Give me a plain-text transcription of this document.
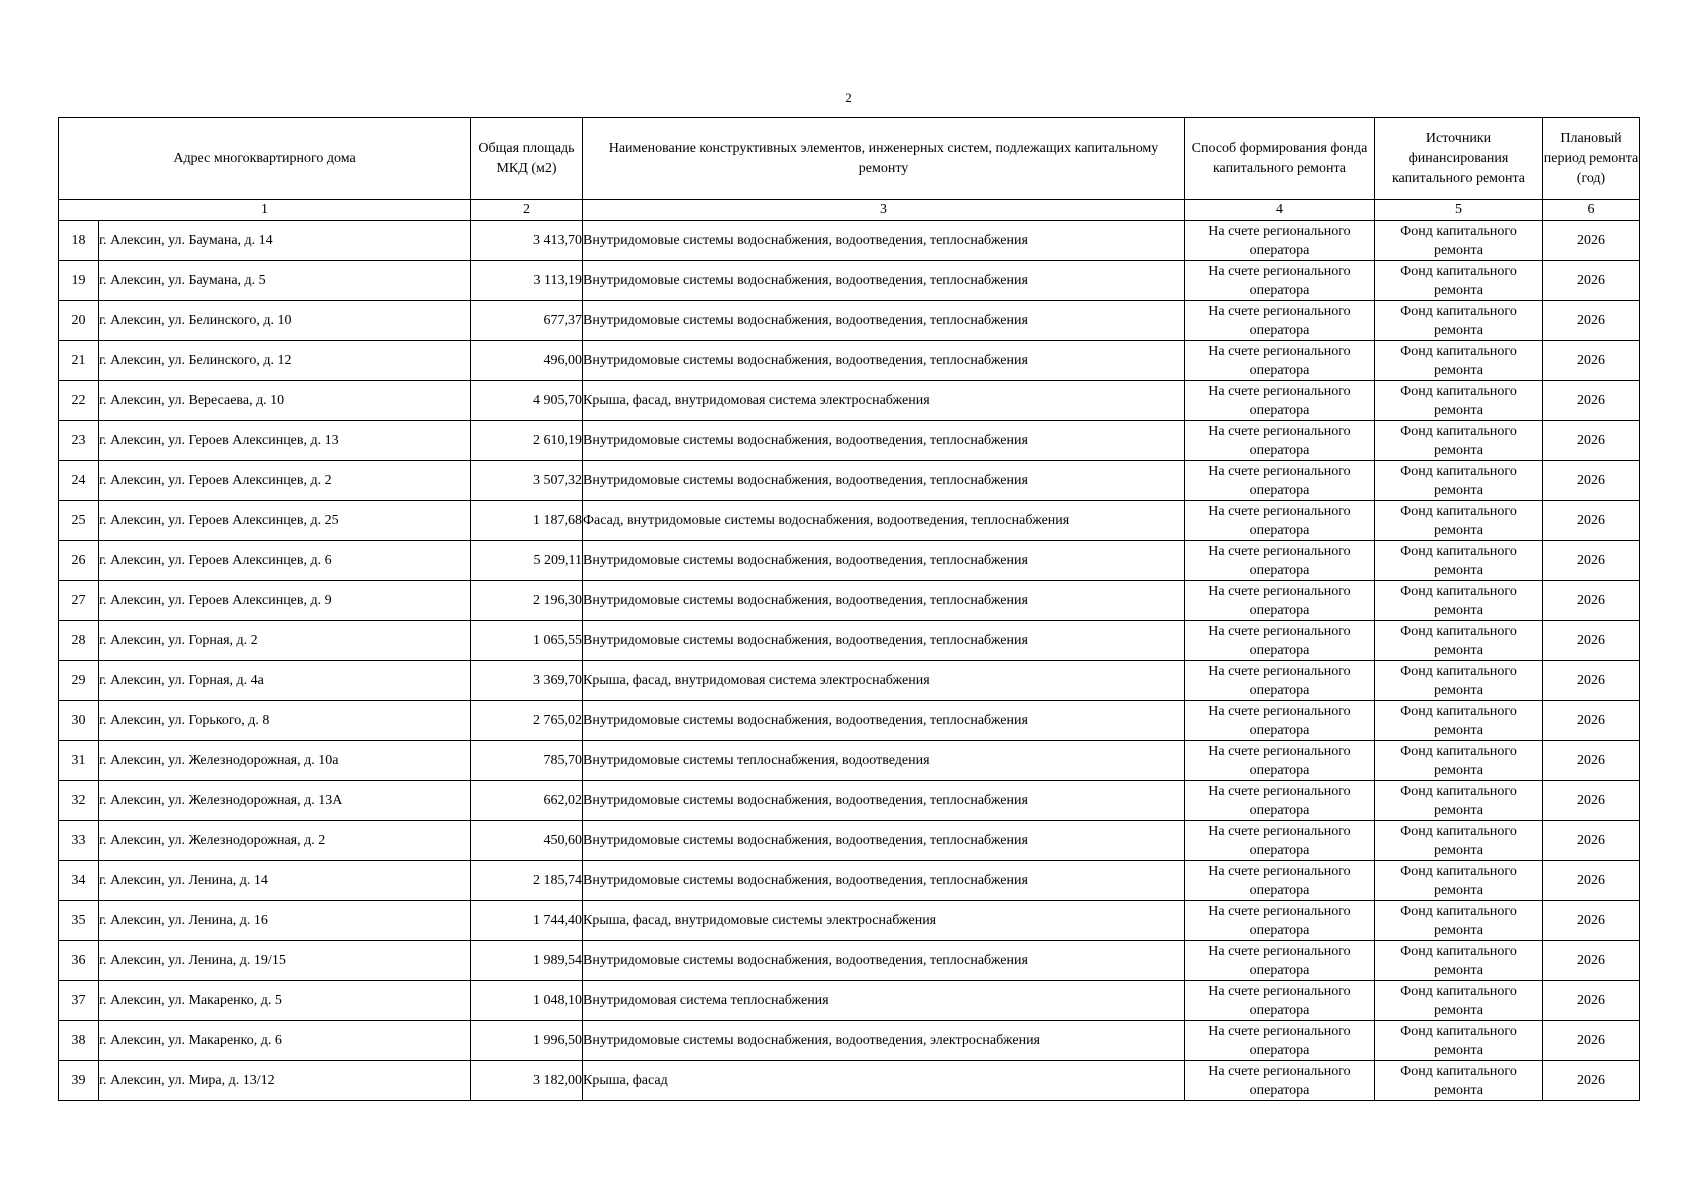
2
Адрес многоквартирного дома		Общая площадь МКД (м2)	Наименование конструктивных элементов, инженерных систем, подлежащих капитальному ремонту	Способ формирования фонда капитального ремонта	Источники финансирования капитального ремонта	Плановый период ремонта (год)
1		2	3	4	5	6
18	г. Алексин, ул. Баумана, д. 14	3 413,70	Внутридомовые системы водоснабжения, водоотведения, теплоснабжения	На счете регионального оператора	Фонд капитального ремонта	2026
19	г. Алексин, ул. Баумана, д. 5	3 113,19	Внутридомовые системы водоснабжения, водоотведения, теплоснабжения	На счете регионального оператора	Фонд капитального ремонта	2026
20	г. Алексин, ул. Белинского, д. 10	677,37	Внутридомовые системы водоснабжения, водоотведения, теплоснабжения	На счете регионального оператора	Фонд капитального ремонта	2026
21	г. Алексин, ул. Белинского, д. 12	496,00	Внутридомовые системы водоснабжения, водоотведения, теплоснабжения	На счете регионального оператора	Фонд капитального ремонта	2026
22	г. Алексин, ул. Вересаева, д. 10	4 905,70	Крыша, фасад, внутридомовая система электроснабжения	На счете регионального оператора	Фонд капитального ремонта	2026
23	г. Алексин, ул. Героев Алексинцев, д. 13	2 610,19	Внутридомовые системы водоснабжения, водоотведения, теплоснабжения	На счете регионального оператора	Фонд капитального ремонта	2026
24	г. Алексин, ул. Героев Алексинцев, д. 2	3 507,32	Внутридомовые системы водоснабжения, водоотведения, теплоснабжения	На счете регионального оператора	Фонд капитального ремонта	2026
25	г. Алексин, ул. Героев Алексинцев, д. 25	1 187,68	Фасад, внутридомовые системы водоснабжения, водоотведения, теплоснабжения	На счете регионального оператора	Фонд капитального ремонта	2026
26	г. Алексин, ул. Героев Алексинцев, д. 6	5 209,11	Внутридомовые системы водоснабжения, водоотведения, теплоснабжения	На счете регионального оператора	Фонд капитального ремонта	2026
27	г. Алексин, ул. Героев Алексинцев, д. 9	2 196,30	Внутридомовые системы водоснабжения, водоотведения, теплоснабжения	На счете регионального оператора	Фонд капитального ремонта	2026
28	г. Алексин, ул. Горная, д. 2	1 065,55	Внутридомовые системы водоснабжения, водоотведения, теплоснабжения	На счете регионального оператора	Фонд капитального ремонта	2026
29	г. Алексин, ул. Горная, д. 4а	3 369,70	Крыша, фасад, внутридомовая система электроснабжения	На счете регионального оператора	Фонд капитального ремонта	2026
30	г. Алексин, ул. Горького, д. 8	2 765,02	Внутридомовые системы водоснабжения, водоотведения, теплоснабжения	На счете регионального оператора	Фонд капитального ремонта	2026
31	г. Алексин, ул. Железнодорожная, д. 10а	785,70	Внутридомовые системы теплоснабжения, водоотведения	На счете регионального оператора	Фонд капитального ремонта	2026
32	г. Алексин, ул. Железнодорожная, д. 13А	662,02	Внутридомовые системы водоснабжения, водоотведения, теплоснабжения	На счете регионального оператора	Фонд капитального ремонта	2026
33	г. Алексин, ул. Железнодорожная, д. 2	450,60	Внутридомовые системы водоснабжения, водоотведения, теплоснабжения	На счете регионального оператора	Фонд капитального ремонта	2026
34	г. Алексин, ул. Ленина, д. 14	2 185,74	Внутридомовые системы водоснабжения, водоотведения, теплоснабжения	На счете регионального оператора	Фонд капитального ремонта	2026
35	г. Алексин, ул. Ленина, д. 16	1 744,40	Крыша, фасад, внутридомовые системы электроснабжения	На счете регионального оператора	Фонд капитального ремонта	2026
36	г. Алексин, ул. Ленина, д. 19/15	1 989,54	Внутридомовые системы водоснабжения, водоотведения, теплоснабжения	На счете регионального оператора	Фонд капитального ремонта	2026
37	г. Алексин, ул. Макаренко, д. 5	1 048,10	Внутридомовая система теплоснабжения	На счете регионального оператора	Фонд капитального ремонта	2026
38	г. Алексин, ул. Макаренко, д. 6	1 996,50	Внутридомовые системы водоснабжения, водоотведения, электроснабжения	На счете регионального оператора	Фонд капитального ремонта	2026
39	г. Алексин, ул. Мира, д. 13/12	3 182,00	Крыша, фасад	На счете регионального оператора	Фонд капитального ремонта	2026
